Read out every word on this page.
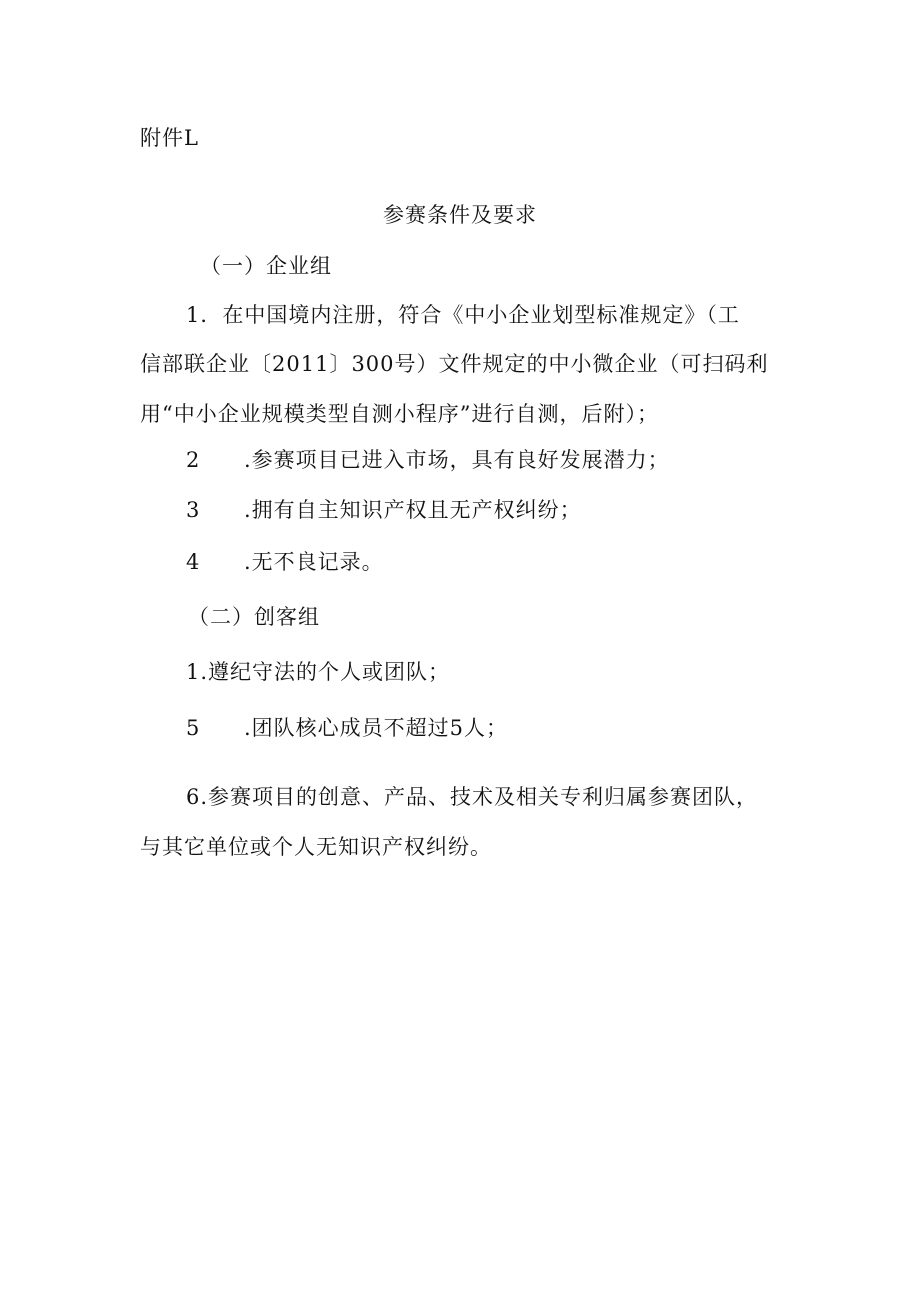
附件L
参赛条件及要求
（一）企业组
1．在中国境内注册，符合《中小企业划型标准规定》（工
信部联企业〔2011〕300号）文件规定的中小微企业（可扫码利
用“中小企业规模类型自测小程序”进行自测，后附）；
2 .参赛项目已进入市场，具有良好发展潜力；
3 .拥有自主知识产权且无产权纠纷；
4 .无不良记录。
（二）创客组
1.遵纪守法的个人或团队；
5 .团队核心成员不超过5人；
6.参赛项目的创意、产品、技术及相关专利归属参赛团队，
与其它单位或个人无知识产权纠纷。
